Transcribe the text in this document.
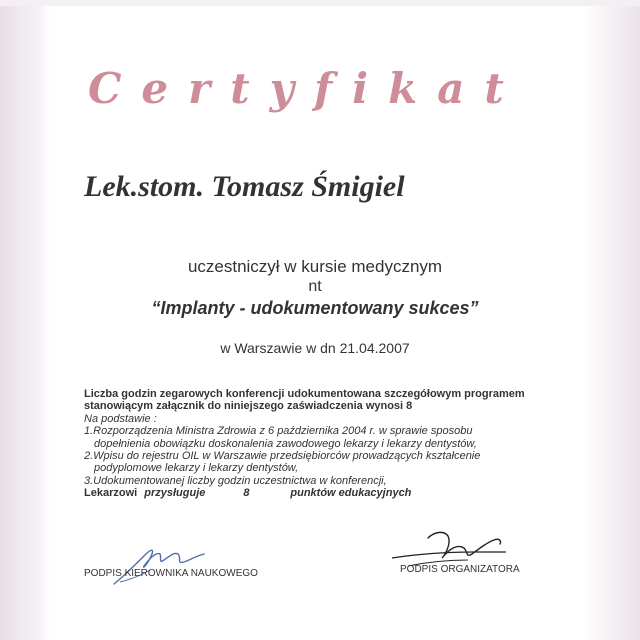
Certyfikat
Lek.stom. Tomasz Śmigiel

uczestniczył w kursie medycznym

nt

“Implanty - udokumentowany sukces”

w Warszawie w dn 21.04.2007

Liczba godzin zegarowych konferencji udokumentowana szczegółowym programem
stanowiącym załącznik do niniejszego zaświadczenia wynosi 8
Na podstawie :
1.Rozporządzenia Ministra Zdrowia z 6 października 2004 r. w sprawie sposobu
dopełnienia obowiązku doskonalenia zawodowego lekarzy i lekarzy dentystów,
2.Wpisu do rejestru OIL w Warszawie przedsiębiorców prowadzących kształcenie
podyplomowe lekarzy i lekarzy dentystów,
3.Udokumentowanej liczby godzin uczestnictwa w konferencji,
Lekarzowi przysługuje	8	punktów edukacyjnych
PODPIS KIEROWNIKA NAUKOWEGO	PODPIS ORGANIZATORA
